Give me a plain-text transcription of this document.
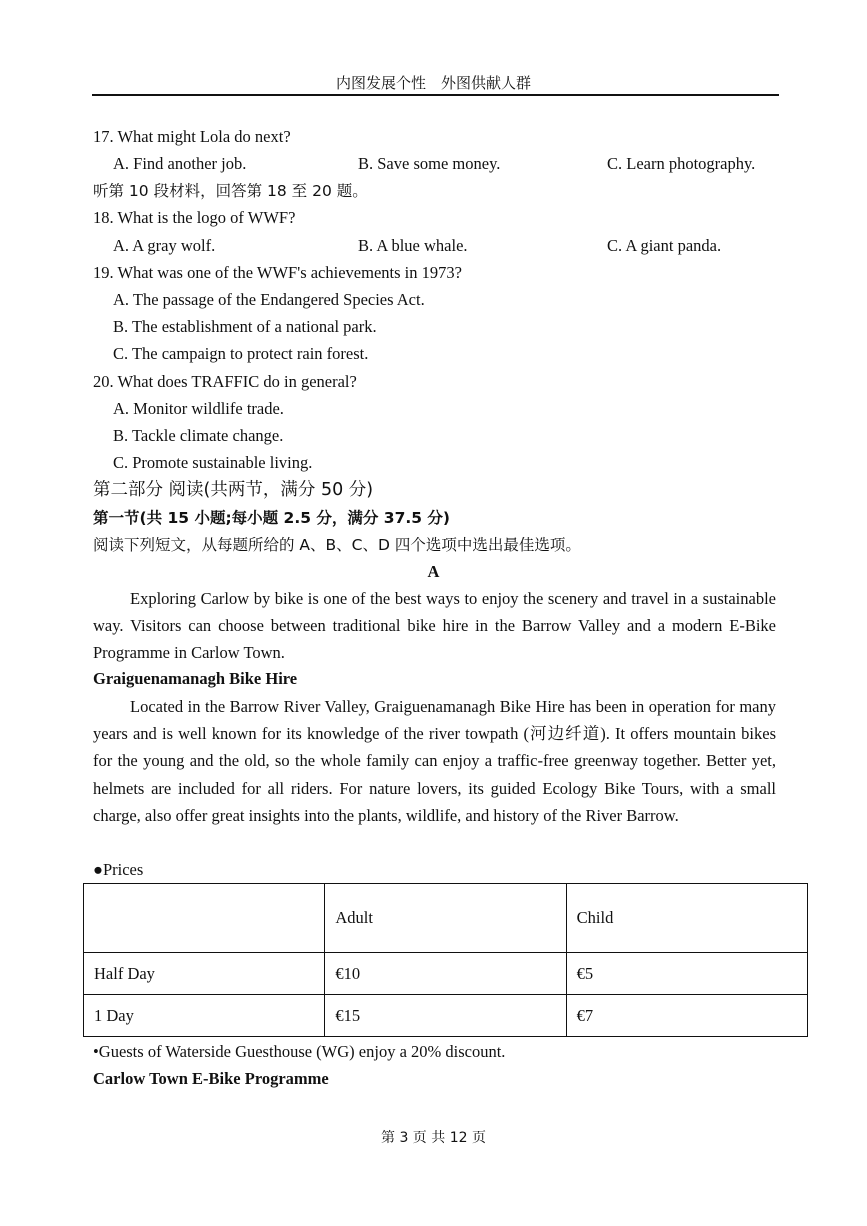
内图发展个性　外图供献人群
17. What might Lola do next?
A. Find another job.	B. Save some money.	C. Learn photography.
听第 10 段材料，回答第 18 至 20 题。
18. What is the logo of WWF?
A. A gray wolf.	B. A blue whale.	C. A giant panda.
19. What was one of the WWF's achievements in 1973?
A. The passage of the Endangered Species Act.
B. The establishment of a national park.
C. The campaign to protect rain forest.
20. What does TRAFFIC do in general?
A. Monitor wildlife trade.
B. Tackle climate change.
C. Promote sustainable living.
第二部分 阅读(共两节，满分 50 分)
第一节(共 15 小题;每小题 2.5 分，满分 37.5 分)
阅读下列短文，从每题所给的 A、B、C、D 四个选项中选出最佳选项。
A
Exploring Carlow by bike is one of the best ways to enjoy the scenery and travel in a sustainable way. Visitors can choose between traditional bike hire in the Barrow Valley and a modern E-Bike Programme in Carlow Town.
Graiguenamanagh Bike Hire
Located in the Barrow River Valley, Graiguenamanagh Bike Hire has been in operation for many years and is well known for its knowledge of the river towpath (河边纤道). It offers mountain bikes for the young and the old, so the whole family can enjoy a traffic-free greenway together. Better yet, helmets are included for all riders. For nature lovers, its guided Ecology Bike Tours, with a small charge, also offer great insights into the plants, wildlife, and history of the River Barrow.
●Prices
	Adult	Child
Half Day	€10	€5
1 Day	€15	€7
•Guests of Waterside Guesthouse (WG) enjoy a 20% discount.
Carlow Town E-Bike Programme
第 3 页 共 12 页
